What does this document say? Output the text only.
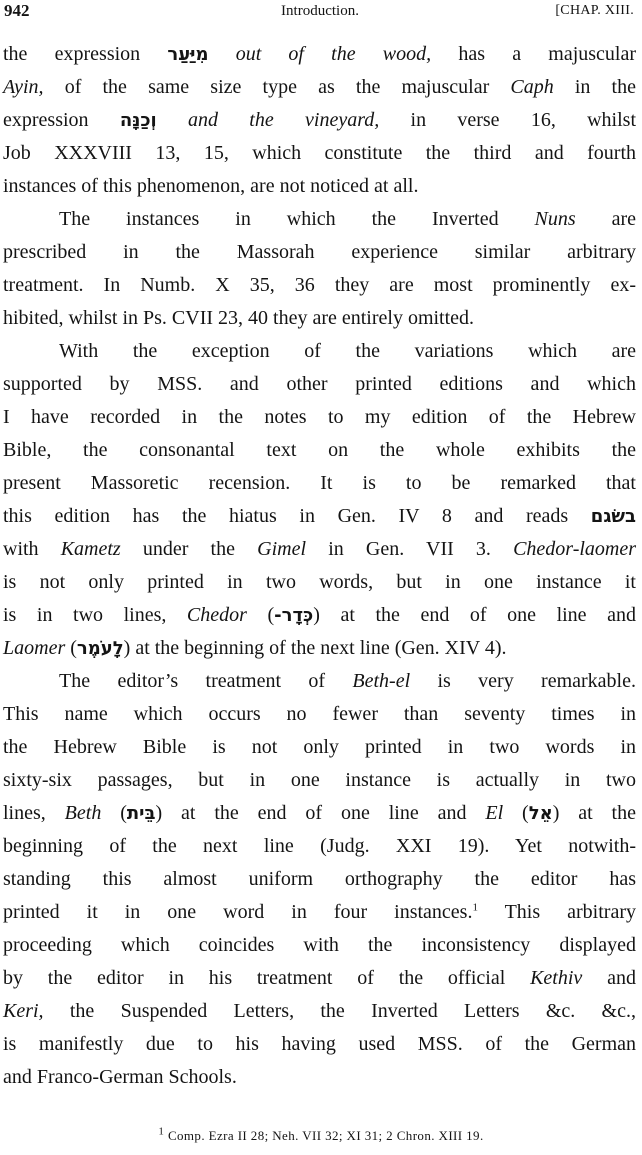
942	Introduction.	[CHAP. XIII.
the expression מִיַּעַר out of the wood, has a majuscular
Ayin, of the same size type as the majuscular Caph in the
expression וְכַנָּה and the vineyard, in verse 16, whilst
Job XXXVIII 13, 15, which constitute the third and fourth
instances of this phenomenon, are not noticed at all.
The instances in which the Inverted Nuns are
prescribed in the Massorah experience similar arbitrary
treatment. In Numb. X 35, 36 they are most prominently ex-
hibited, whilst in Ps. CVII 23, 40 they are entirely omitted.
With the exception of the variations which are
supported by MSS. and other printed editions and which
I have recorded in the notes to my edition of the Hebrew
Bible, the consonantal text on the whole exhibits the
present Massoretic recension. It is to be remarked that
this edition has the hiatus in Gen. IV 8 and reads בשׂגם
with Kametz under the Gimel in Gen. VII 3. Chedor-laomer
is not only printed in two words, but in one instance it
is in two lines, Chedor (כְּדָר-) at the end of one line and
Laomer (לָעֹמֶר) at the beginning of the next line (Gen. XIV 4).
The editor’s treatment of Beth-el is very remarkable.
This name which occurs no fewer than seventy times in
the Hebrew Bible is not only printed in two words in
sixty-six passages, but in one instance is actually in two
lines, Beth (בֵּית) at the end of one line and El (אֵל) at the
beginning of the next line (Judg. XXI 19). Yet notwith-
standing this almost uniform orthography the editor has
printed it in one word in four instances.$^1$ This arbitrary
proceeding which coincides with the inconsistency displayed
by the editor in his treatment of the official Kethiv and
Keri, the Suspended Letters, the Inverted Letters &c. &c.,
is manifestly due to his having used MSS. of the German
and Franco-German Schools.
$^1$ Comp. Ezra II 28; Neh. VII 32; XI 31; 2 Chron. XIII 19.
